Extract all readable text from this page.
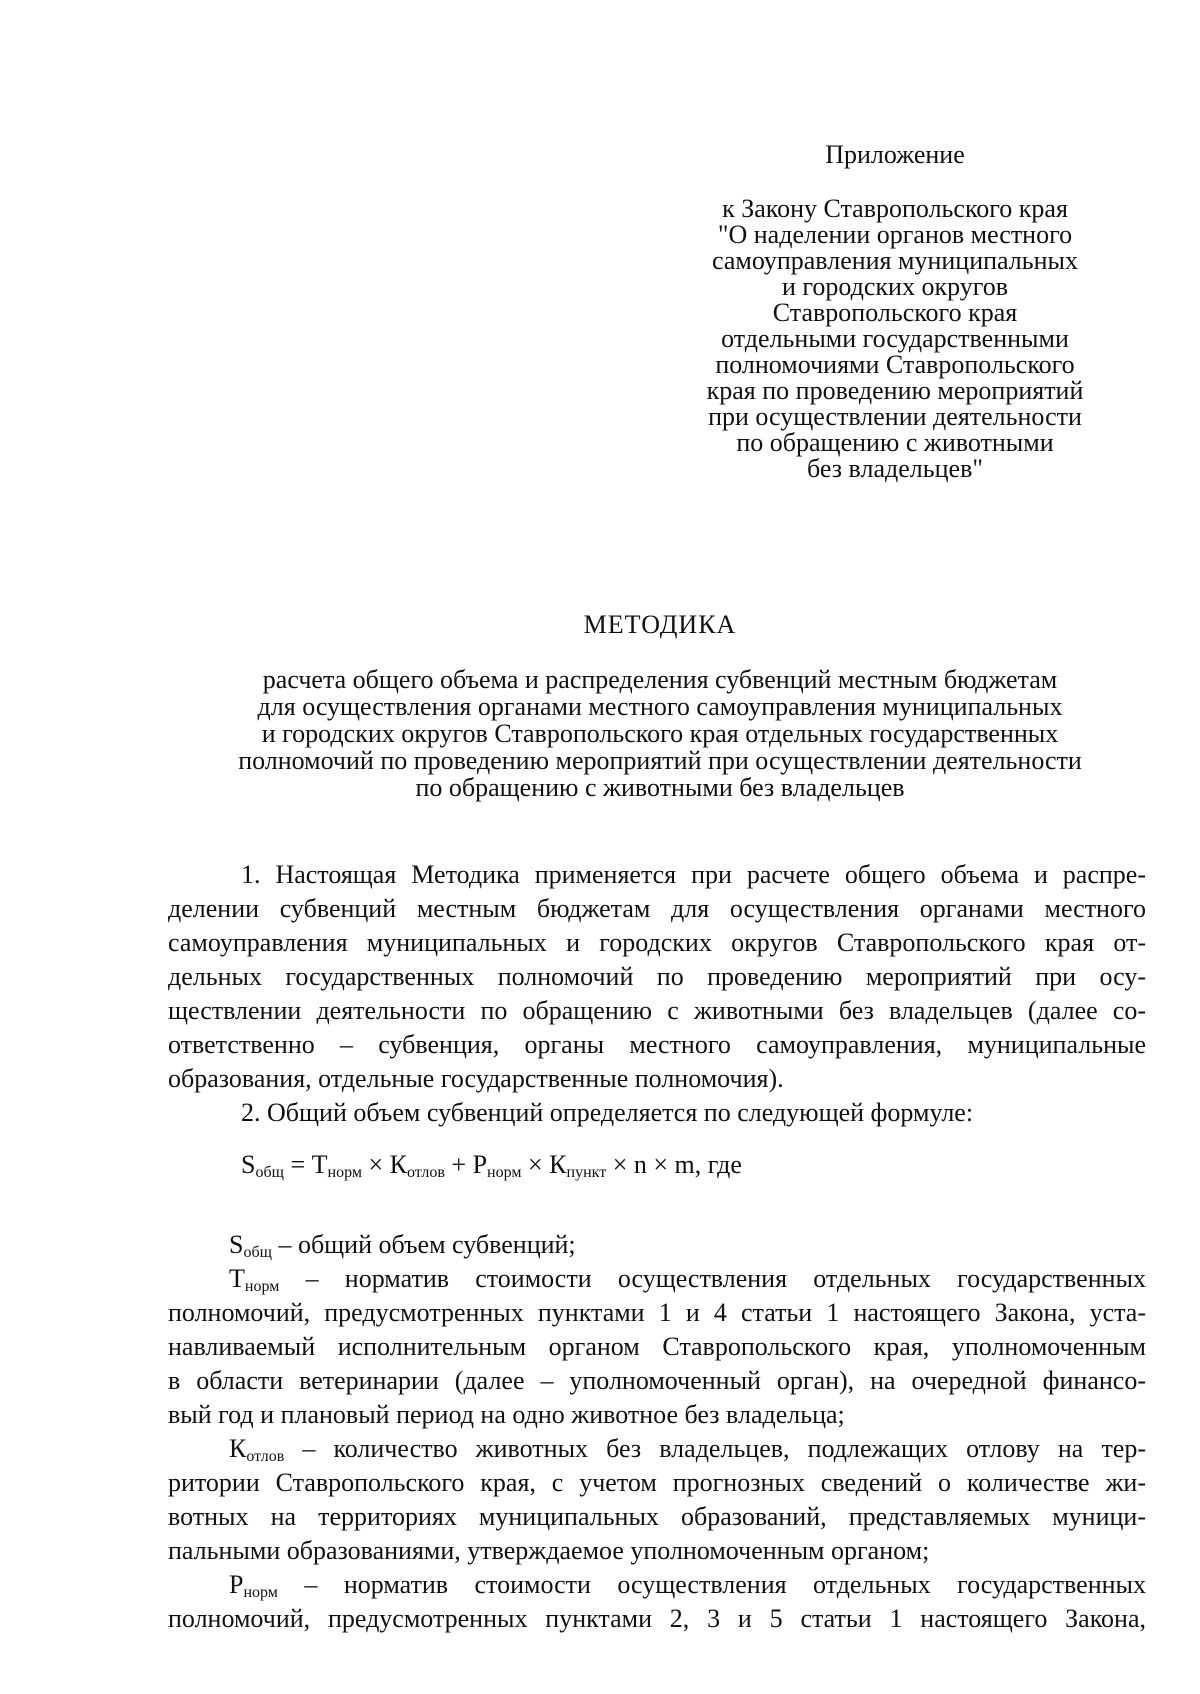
Приложение
к Закону Ставропольского края
"О наделении органов местного
самоуправления муниципальных
и городских округов
Ставропольского края
отдельными государственными
полномочиями Ставропольского
края по проведению мероприятий
при осуществлении деятельности
по обращению с животными
без владельцев"
МЕТОДИКА
расчета общего объема и распределения субвенций местным бюджетам
для осуществления органами местного самоуправления муниципальных
и городских округов Ставропольского края отдельных государственных
полномочий по проведению мероприятий при осуществлении деятельности
по обращению с животными без владельцев
1. Настоящая Методика применяется при расчете общего объема и распре-
делении субвенций местным бюджетам для осуществления органами местного
самоуправления муниципальных и городских округов Ставропольского края от-
дельных государственных полномочий по проведению мероприятий при осу-
ществлении деятельности по обращению с животными без владельцев (далее со-
ответственно – субвенция, органы местного самоуправления, муниципальные
образования, отдельные государственные полномочия).
2. Общий объем субвенций определяется по следующей формуле:
$S_{общ} = Т_{норм} \times К_{отлов} + Р_{норм} \times К_{пункт} \times n \times m$, где
$S_{общ}$ – общий объем субвенций;
$Т_{норм}$ – норматив стоимости осуществления отдельных государственных
полномочий, предусмотренных пунктами 1 и 4 статьи 1 настоящего Закона, уста-
навливаемый исполнительным органом Ставропольского края, уполномоченным
в области ветеринарии (далее – уполномоченный орган), на очередной финансо-
вый год и плановый период на одно животное без владельца;
$К_{отлов}$ – количество животных без владельцев, подлежащих отлову на тер-
ритории Ставропольского края, с учетом прогнозных сведений о количестве жи-
вотных на территориях муниципальных образований, представляемых муници-
пальными образованиями, утверждаемое уполномоченным органом;
$Р_{норм}$ – норматив стоимости осуществления отдельных государственных
полномочий, предусмотренных пунктами 2, 3 и 5 статьи 1 настоящего Закона,
